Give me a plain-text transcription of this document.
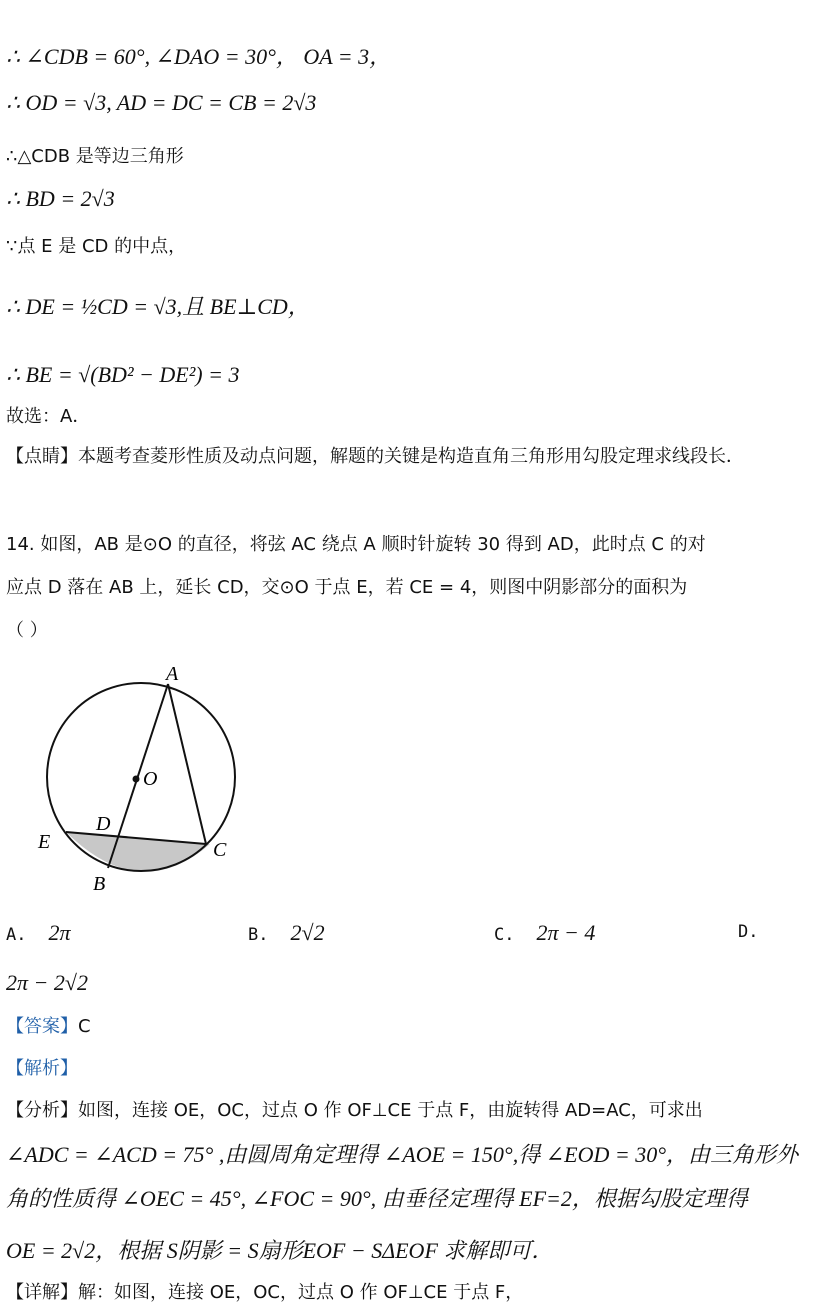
∴ ∠CDB = 60°, ∠DAO = 30°， OA = 3，
∴ OD = √3, AD = DC = CB = 2√3
∴△CDB 是等边三角形
∴ BD = 2√3
∵点 E 是 CD 的中点，
∴ DE = ½CD = √3,且 BE⊥CD，
∴ BE = √(BD² − DE²) = 3
故选：A．
【点睛】本题考查菱形性质及动点问题，解题的关键是构造直角三角形用勾股定理求线段长．
14. 如图，AB 是⊙O 的直径，将弦 AC 绕点 A 顺时针旋转 30 得到 AD，此时点 C 的对
应点 D 落在 AB 上，延长 CD，交⊙O 于点 E，若 CE = 4，则图中阴影部分的面积为
（ ）
A
O
D
E	C
B
A. 2π	B. 2√2	C. 2π − 4	D.
2π − 2√2
【答案】C
【解析】
【分析】如图，连接 OE，OC，过点 O 作 OF⊥CE 于点 F，由旋转得 AD=AC，可求出
∠ADC = ∠ACD = 75° ,由圆周角定理得 ∠AOE = 150°,得 ∠EOD = 30°，由三角形外
角的性质得 ∠OEC = 45°, ∠FOC = 90°, 由垂径定理得 EF=2，根据勾股定理得
OE = 2√2，根据 S阴影 = S扇形EOF − SΔEOF 求解即可．
【详解】解：如图，连接 OE，OC，过点 O 作 OF⊥CE 于点 F，
